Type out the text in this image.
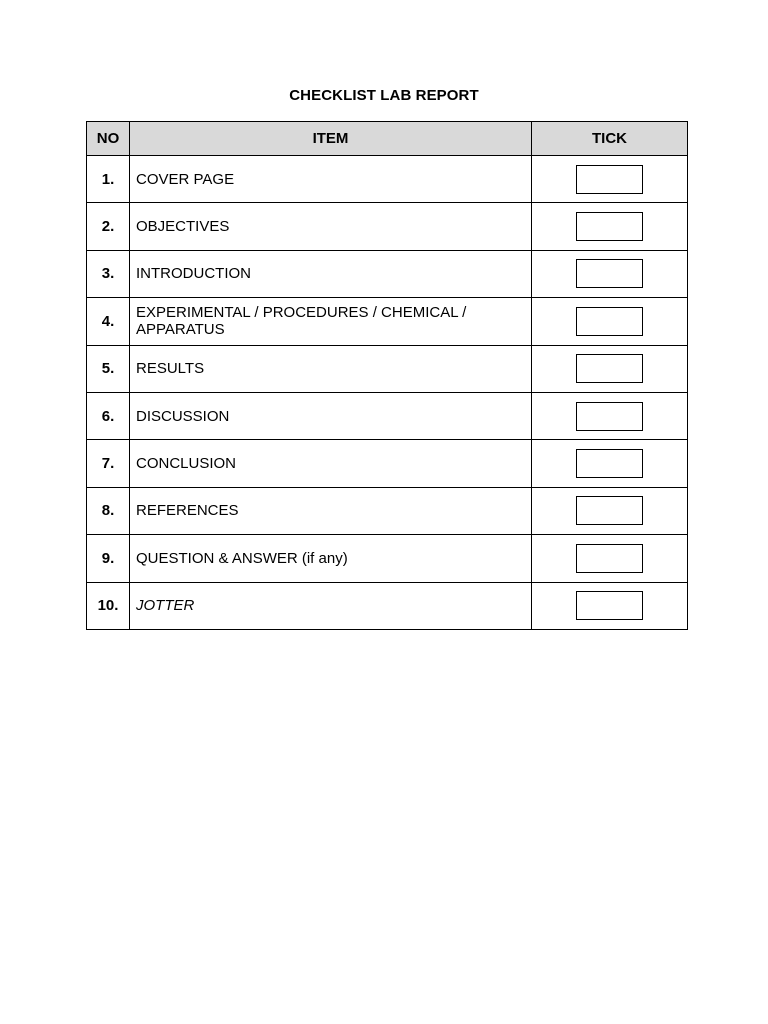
CHECKLIST LAB REPORT
NO	ITEM	TICK
1.	COVER PAGE	
2.	OBJECTIVES	
3.	INTRODUCTION	
4.	EXPERIMENTAL / PROCEDURES / CHEMICAL / APPARATUS	
5.	RESULTS	
6.	DISCUSSION	
7.	CONCLUSION	
8.	REFERENCES	
9.	QUESTION & ANSWER (if any)	
10.	JOTTER	
